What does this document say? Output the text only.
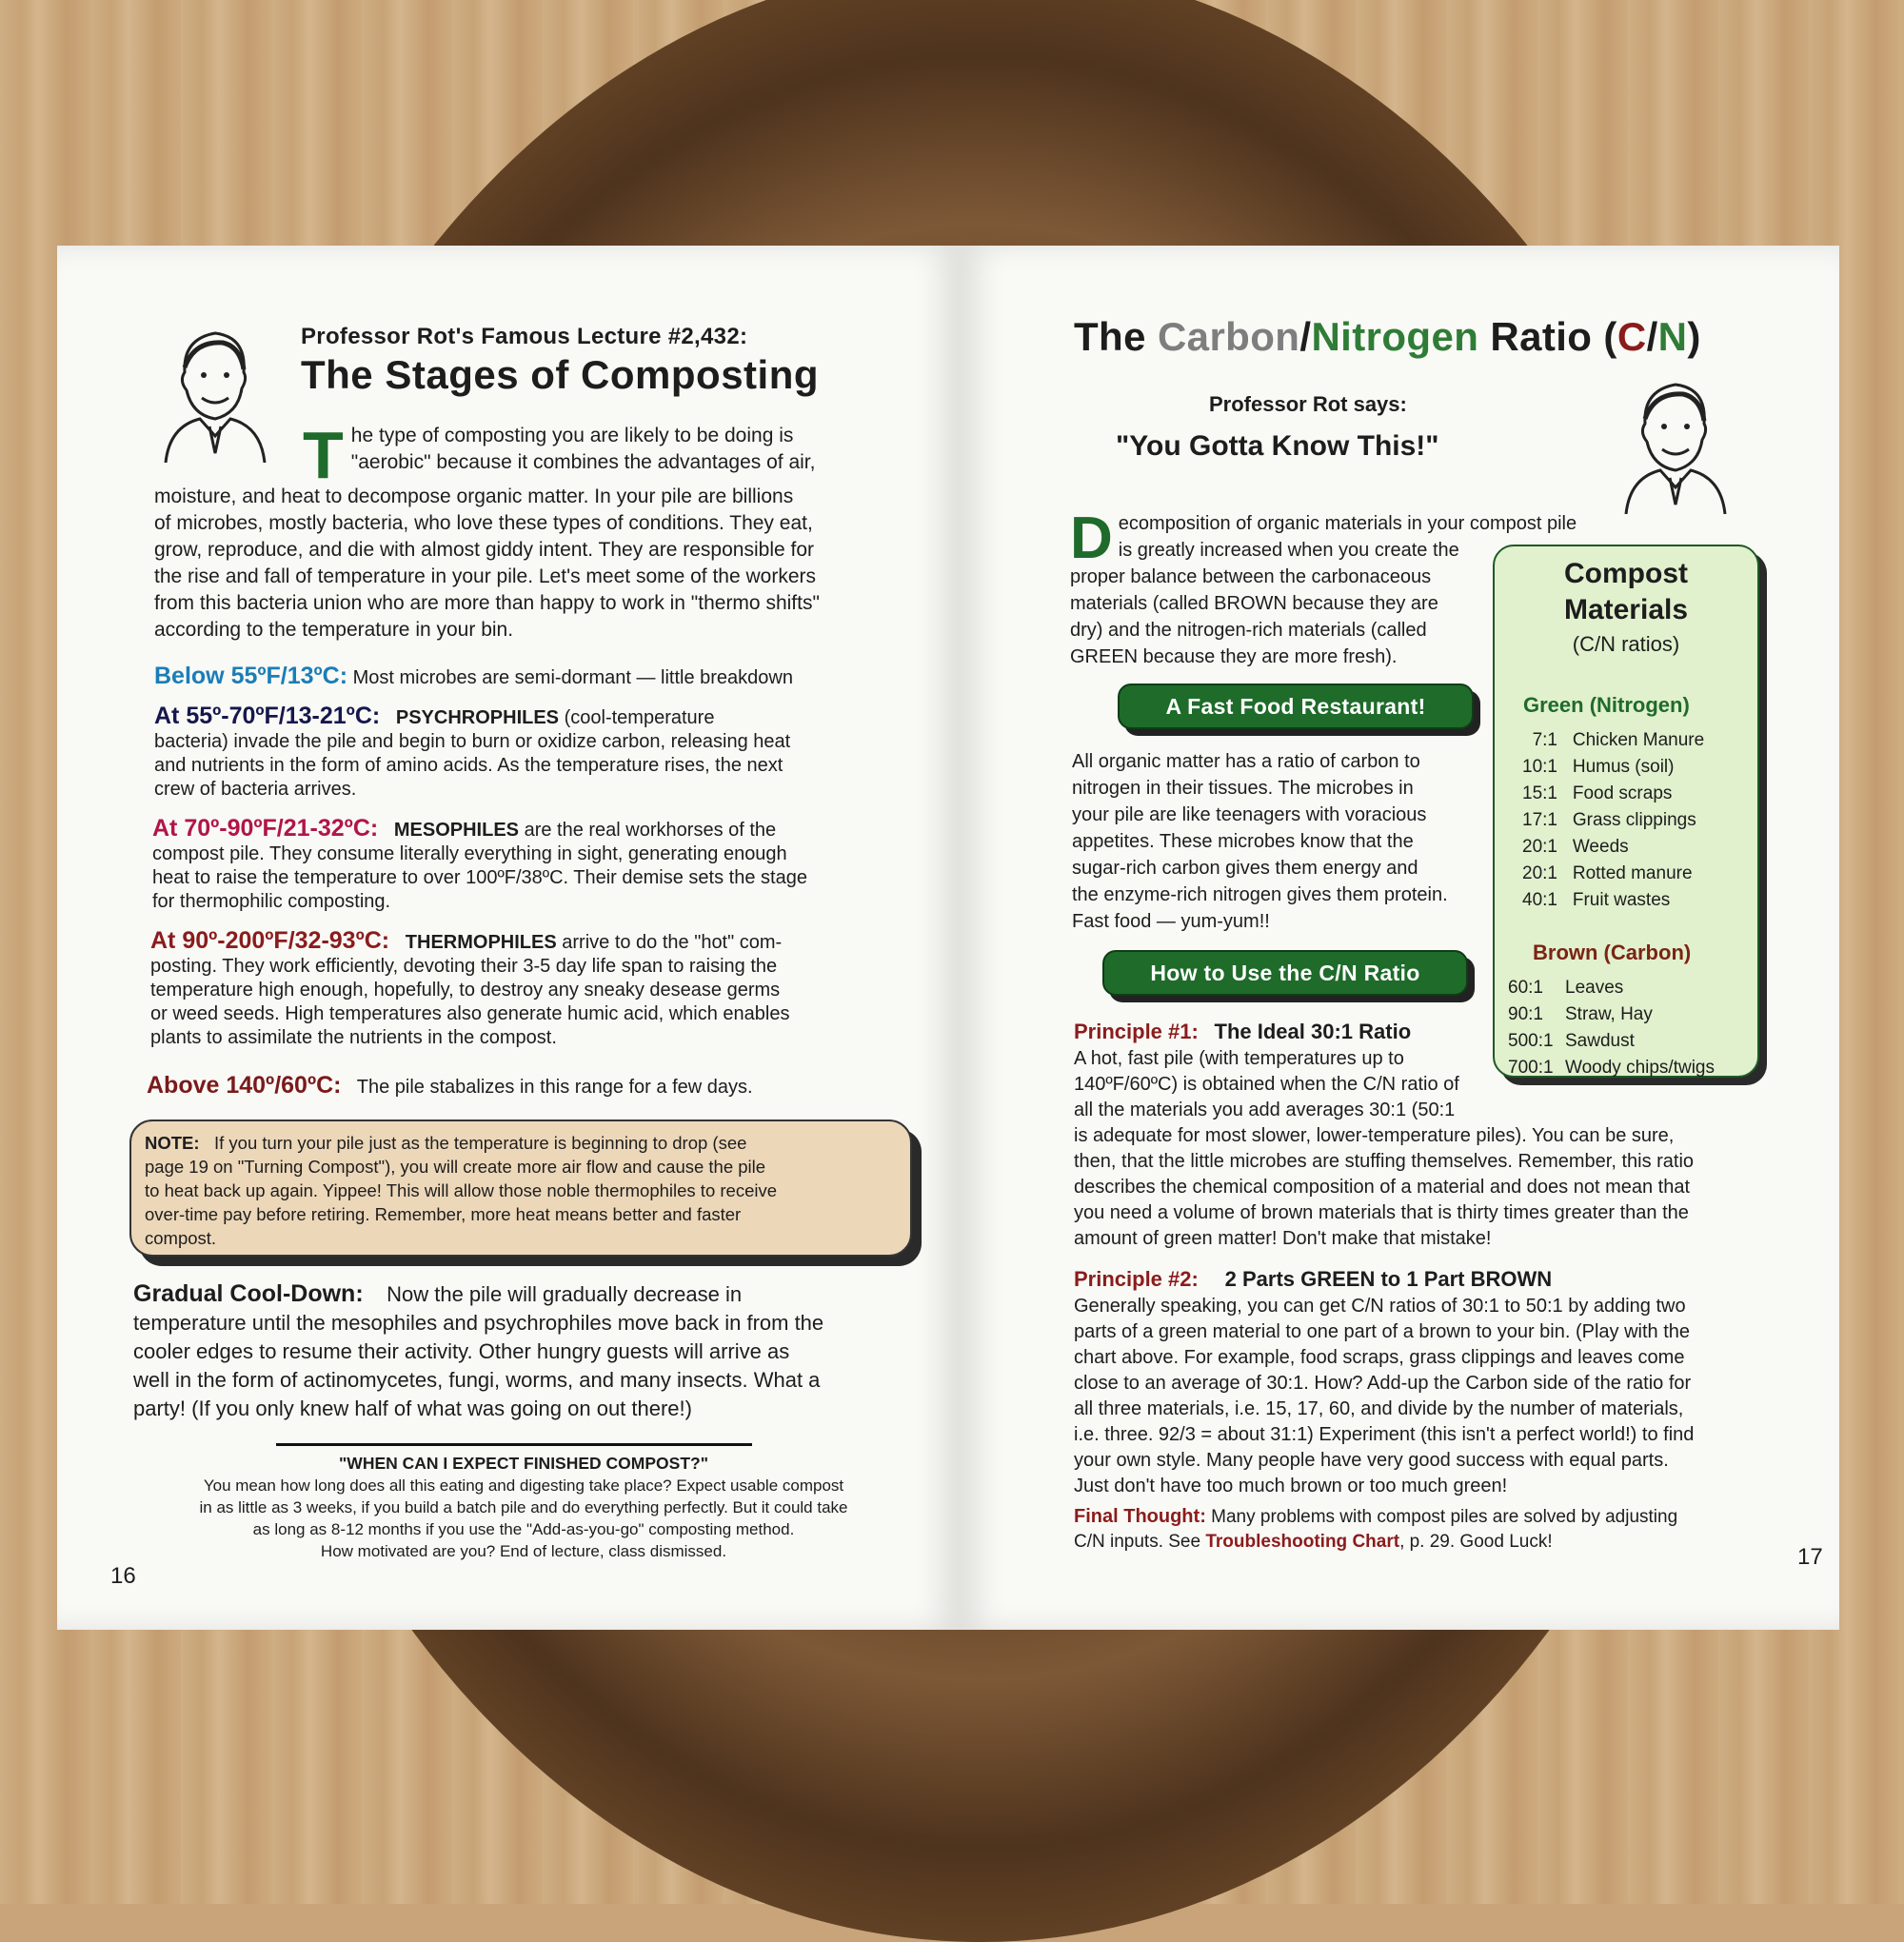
Professor Rot's Famous Lecture #2,432:
The Stages of Composting
T he type of composting you are likely to be doing is
"aerobic" because it combines the advantages of air,
moisture, and heat to decompose organic matter. In your pile are billions
of microbes, mostly bacteria, who love these types of conditions. They eat,
grow, reproduce, and die with almost giddy intent. They are responsible for
the rise and fall of temperature in your pile. Let's meet some of the workers
from this bacteria union who are more than happy to work in "thermo shifts"
according to the temperature in your bin.
Below 55ºF/13ºC: Most microbes are semi-dormant — little breakdown
At 55º-70ºF/13-21ºC: PSYCHROPHILES (cool-temperature
bacteria) invade the pile and begin to burn or oxidize carbon, releasing heat
and nutrients in the form of amino acids. As the temperature rises, the next
crew of bacteria arrives.
At 70º-90ºF/21-32ºC: MESOPHILES are the real workhorses of the
compost pile. They consume literally everything in sight, generating enough
heat to raise the temperature to over 100ºF/38ºC. Their demise sets the stage
for thermophilic composting.
At 90º-200ºF/32-93ºC: THERMOPHILES arrive to do the "hot" com-
posting. They work efficiently, devoting their 3-5 day life span to raising the
temperature high enough, hopefully, to destroy any sneaky desease germs
or weed seeds. High temperatures also generate humic acid, which enables
plants to assimilate the nutrients in the compost.
Above 140º/60ºC: The pile stabalizes in this range for a few days.
NOTE: If you turn your pile just as the temperature is beginning to drop (see
page 19 on "Turning Compost"), you will create more air flow and cause the pile
to heat back up again. Yippee! This will allow those noble thermophiles to receive
over-time pay before retiring. Remember, more heat means better and faster
compost.
Gradual Cool-Down: Now the pile will gradually decrease in
temperature until the mesophiles and psychrophiles move back in from the
cooler edges to resume their activity. Other hungry guests will arrive as
well in the form of actinomycetes, fungi, worms, and many insects. What a
party! (If you only knew half of what was going on out there!)
"WHEN CAN I EXPECT FINISHED COMPOST?"
You mean how long does all this eating and digesting take place? Expect usable compost
in as little as 3 weeks, if you build a batch pile and do everything perfectly. But it could take
as long as 8-12 months if you use the "Add-as-you-go" composting method.
How motivated are you? End of lecture, class dismissed.
16
The Carbon/Nitrogen Ratio (C/N)
Professor Rot says:
"You Gotta Know This!"
D ecomposition of organic materials in your compost pile
is greatly increased when you create the
proper balance between the carbonaceous
materials (called BROWN because they are
dry) and the nitrogen-rich materials (called
GREEN because they are more fresh).
A Fast Food Restaurant!
All organic matter has a ratio of carbon to
nitrogen in their tissues. The microbes in
your pile are like teenagers with voracious
appetites. These microbes know that the
sugar-rich carbon gives them energy and
the enzyme-rich nitrogen gives them protein.
Fast food — yum-yum!!
How to Use the C/N Ratio
Principle #1: The Ideal 30:1 Ratio
A hot, fast pile (with temperatures up to
140ºF/60ºC) is obtained when the C/N ratio of
all the materials you add averages 30:1 (50:1
is adequate for most slower, lower-temperature piles). You can be sure,
then, that the little microbes are stuffing themselves. Remember, this ratio
describes the chemical composition of a material and does not mean that
you need a volume of brown materials that is thirty times greater than the
amount of green matter! Don't make that mistake!
Principle #2: 2 Parts GREEN to 1 Part BROWN
Generally speaking, you can get C/N ratios of 30:1 to 50:1 by adding two
parts of a green material to one part of a brown to your bin. (Play with the
chart above. For example, food scraps, grass clippings and leaves come
close to an average of 30:1. How? Add-up the Carbon side of the ratio for
all three materials, i.e. 15, 17, 60, and divide by the number of materials,
i.e. three. 92/3 = about 31:1) Experiment (this isn't a perfect world!) to find
your own style. Many people have very good success with equal parts.
Just don't have too much brown or too much green!
Final Thought: Many problems with compost piles are solved by adjusting
C/N inputs. See Troubleshooting Chart, p. 29. Good Luck!
17
Compost
Materials
(C/N ratios)
Green (Nitrogen)
7:1 Chicken Manure
10:1 Humus (soil)
15:1 Food scraps
17:1 Grass clippings
20:1 Weeds
20:1 Rotted manure
40:1 Fruit wastes
Brown (Carbon)
60:1 Leaves
90:1 Straw, Hay
500:1 Sawdust
700:1 Woody chips/twigs
